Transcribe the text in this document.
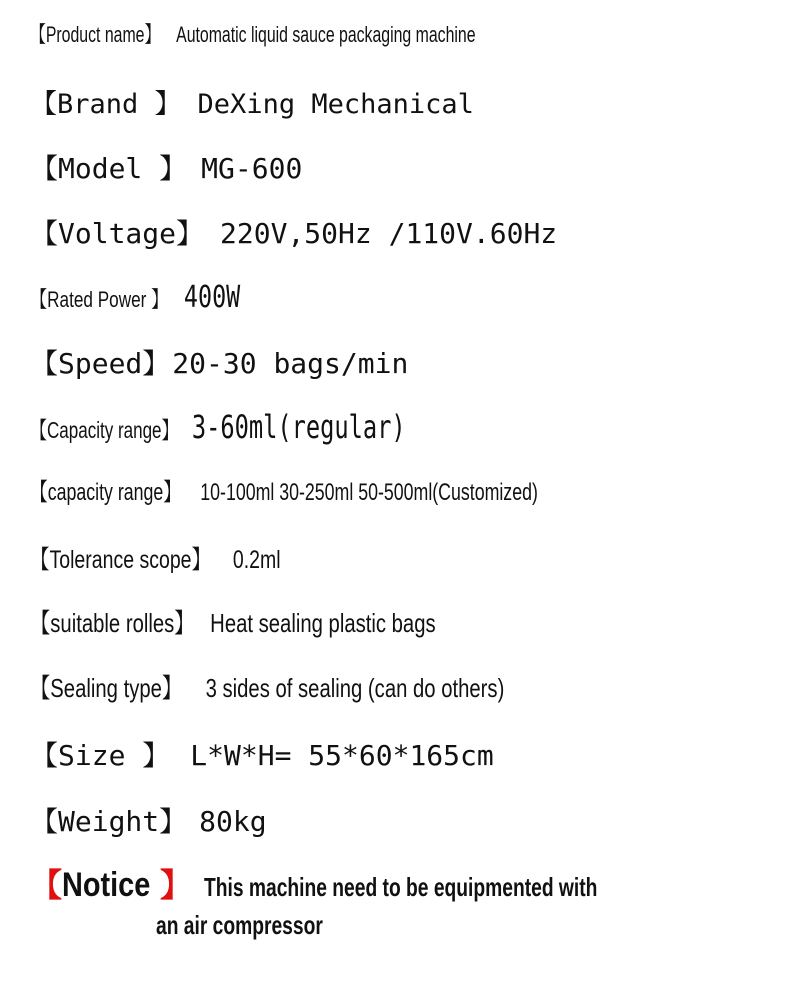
【Product name】 Automatic liquid sauce packaging machine
【Brand 】 DeXing Mechanical
【Model 】 MG-600
【Voltage】 220V,50Hz /110V.60Hz
【Rated Power 】 400W
【Speed】 20-30 bags/min
【Capacity range】 3-60ml(regular)
【capacity range】 10-100ml 30-250ml 50-500ml(Customized)
【Tolerance scope】 0.2ml
【suitable rolles】 Heat sealing plastic bags
【Sealing type】 3 sides of sealing (can do others)
【Size 】 L*W*H= 55*60*165cm
【Weight】 80kg
【 Notice 】 This machine need to be equipmented with
an air compressor
